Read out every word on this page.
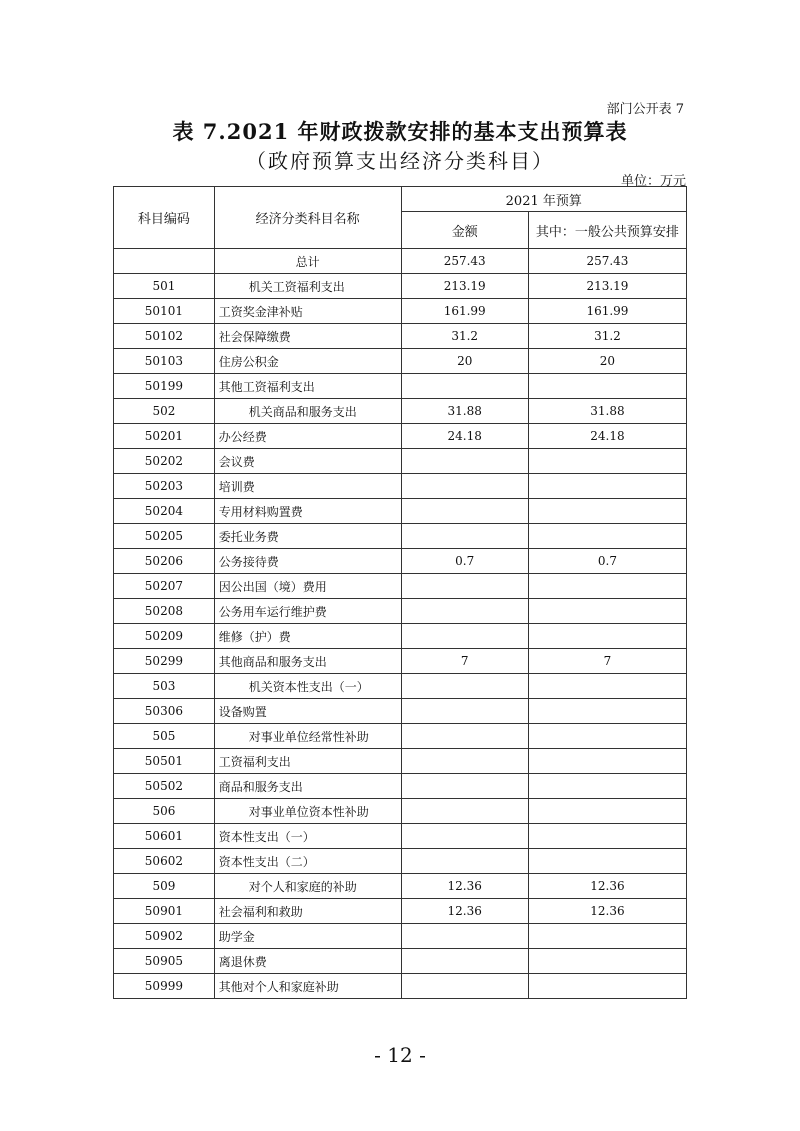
部门公开表 7
表 7.2021 年财政拨款安排的基本支出预算表
（政府预算支出经济分类科目）
单位：万元
科目编码	经济分类科目名称	2021 年预算	
		金额	其中：一般公共预算安排
	总计	257.43	257.43
501	机关工资福利支出	213.19	213.19
50101	工资奖金津补贴	161.99	161.99
50102	社会保障缴费	31.2	31.2
50103	住房公积金	20	20
50199	其他工资福利支出		
502	机关商品和服务支出	31.88	31.88
50201	办公经费	24.18	24.18
50202	会议费		
50203	培训费		
50204	专用材料购置费		
50205	委托业务费		
50206	公务接待费	0.7	0.7
50207	因公出国（境）费用		
50208	公务用车运行维护费		
50209	维修（护）费		
50299	其他商品和服务支出	7	7
503	机关资本性支出（一）		
50306	设备购置		
505	对事业单位经常性补助		
50501	工资福利支出		
50502	商品和服务支出		
506	对事业单位资本性补助		
50601	资本性支出（一）		
50602	资本性支出（二）		
509	对个人和家庭的补助	12.36	12.36
50901	社会福利和救助	12.36	12.36
50902	助学金		
50905	离退休费		
50999	其他对个人和家庭补助		
- 12 -
